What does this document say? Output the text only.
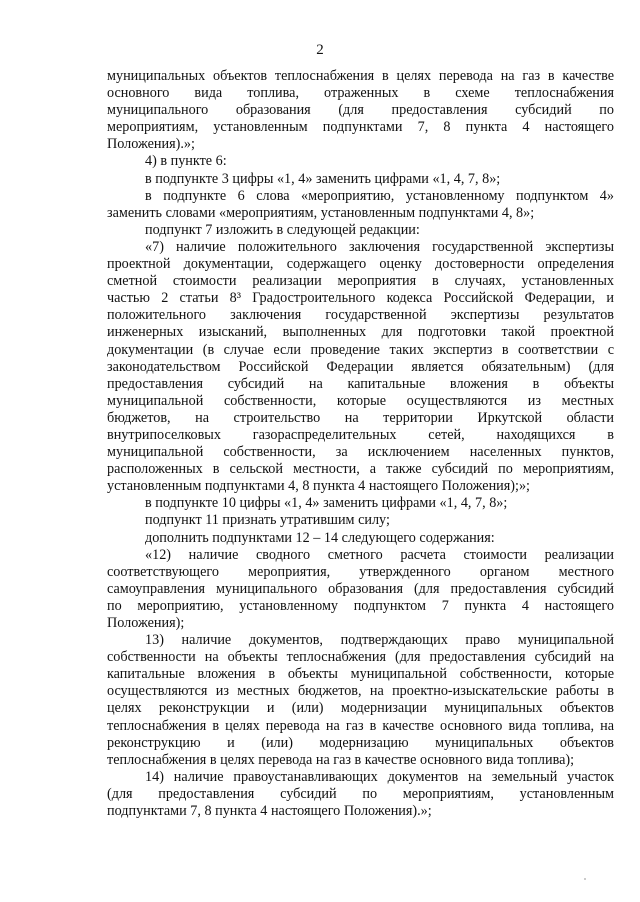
2
муниципальных объектов теплоснабжения в целях перевода на газ в качестве
основного вида топлива, отраженных в схеме теплоснабжения
муниципального образования (для предоставления субсидий по
мероприятиям, установленным подпунктами 7, 8 пункта 4 настоящего
Положения).»;
4) в пункте 6:
в подпункте 3 цифры «1, 4» заменить цифрами «1, 4, 7, 8»;
в подпункте 6 слова «мероприятию, установленному подпунктом 4»
заменить словами «мероприятиям, установленным подпунктами 4, 8»;
подпункт 7 изложить в следующей редакции:
«7) наличие положительного заключения государственной экспертизы
проектной документации, содержащего оценку достоверности определения
сметной стоимости реализации мероприятия в случаях, установленных
частью 2 статьи 8³ Градостроительного кодекса Российской Федерации, и
положительного заключения государственной экспертизы результатов
инженерных изысканий, выполненных для подготовки такой проектной
документации (в случае если проведение таких экспертиз в соответствии с
законодательством Российской Федерации является обязательным) (для
предоставления субсидий на капитальные вложения в объекты
муниципальной собственности, которые осуществляются из местных
бюджетов, на строительство на территории Иркутской области
внутрипоселковых газораспределительных сетей, находящихся в
муниципальной собственности, за исключением населенных пунктов,
расположенных в сельской местности, а также субсидий по мероприятиям,
установленным подпунктами 4, 8 пункта 4 настоящего Положения);»;
в подпункте 10 цифры «1, 4» заменить цифрами «1, 4, 7, 8»;
подпункт 11 признать утратившим силу;
дополнить подпунктами 12 – 14 следующего содержания:
«12) наличие сводного сметного расчета стоимости реализации
соответствующего мероприятия, утвержденного органом местного
самоуправления муниципального образования (для предоставления субсидий
по мероприятию, установленному подпунктом 7 пункта 4 настоящего
Положения);
13) наличие документов, подтверждающих право муниципальной
собственности на объекты теплоснабжения (для предоставления субсидий на
капитальные вложения в объекты муниципальной собственности, которые
осуществляются из местных бюджетов, на проектно-изыскательские работы в
целях реконструкции и (или) модернизации муниципальных объектов
теплоснабжения в целях перевода на газ в качестве основного вида топлива, на
реконструкцию и (или) модернизацию муниципальных объектов
теплоснабжения в целях перевода на газ в качестве основного вида топлива);
14) наличие правоустанавливающих документов на земельный участок
(для предоставления субсидий по мероприятиям, установленным
подпунктами 7, 8 пункта 4 настоящего Положения).»;
